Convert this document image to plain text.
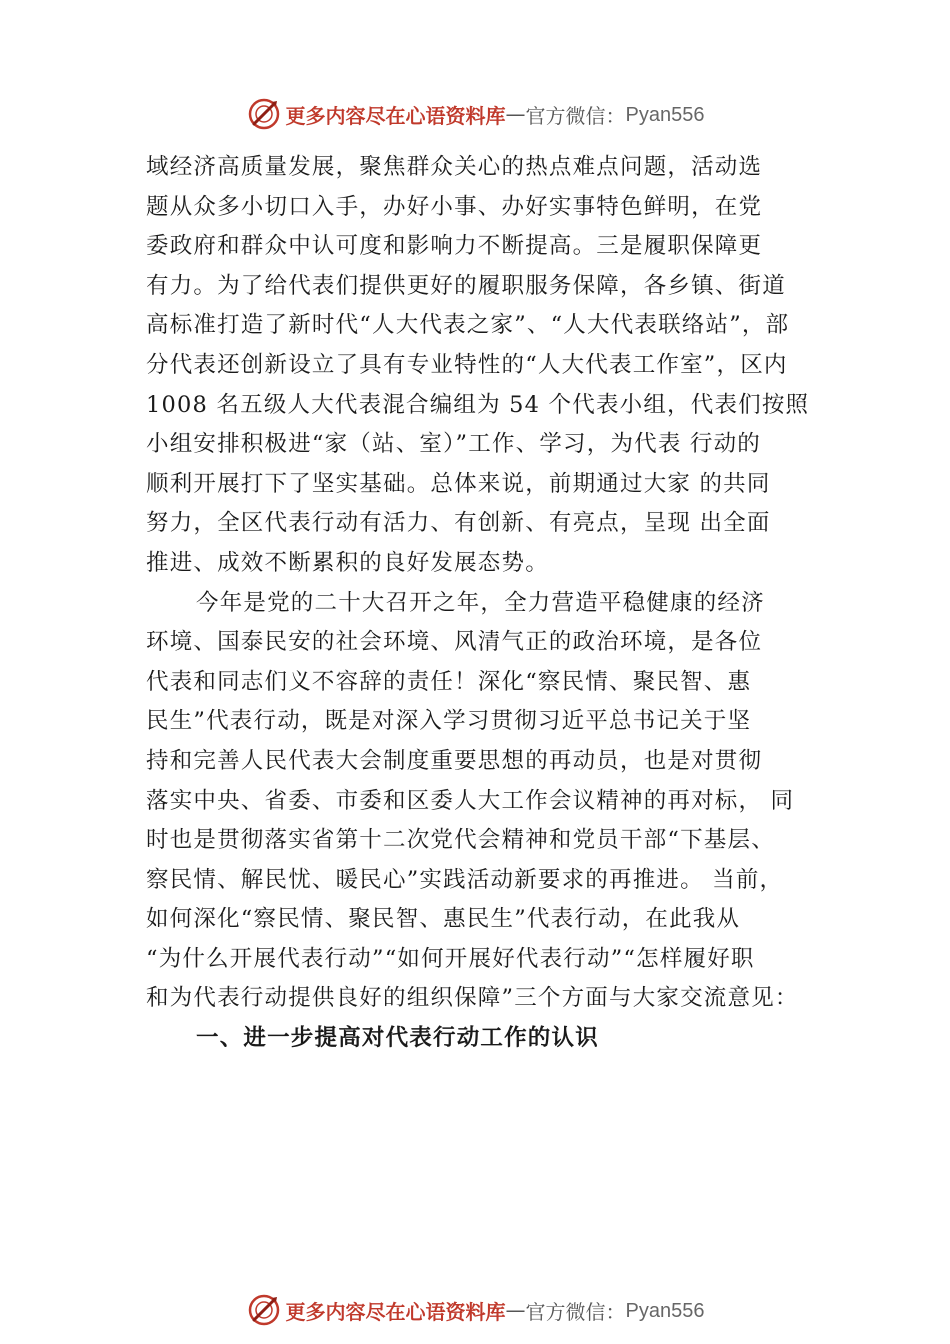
更多内容尽在心语资料库 — 官方微信： Pyan556
域经济高质量发展，聚焦群众关心的热点难点问题，活动选
题从众多小切口入手，办好小事、办好实事特色鲜明，在党
委政府和群众中认可度和影响力不断提高。三是履职保障更
有力。为了给代表们提供更好的履职服务保障，各乡镇、街道
高标准打造了新时代“人大代表之家”、“人大代表联络站”，部
分代表还创新设立了具有专业特性的“人大代表工作室”，区内
1008 名五级人大代表混合编组为 54 个代表小组，代表们按照
小组安排积极进“家（站、室）”工作、学习，为代表 行动的
顺利开展打下了坚实基础。总体来说，前期通过大家 的共同
努力，全区代表行动有活力、有创新、有亮点，呈现 出全面
推进、成效不断累积的良好发展态势。
今年是党的二十大召开之年，全力营造平稳健康的经济
环境、国泰民安的社会环境、风清气正的政治环境，是各位
代表和同志们义不容辞的责任！深化“察民情、聚民智、惠
民生”代表行动，既是对深入学习贯彻习近平总书记关于坚
持和完善人民代表大会制度重要思想的再动员，也是对贯彻
落实中央、省委、市委和区委人大工作会议精神的再对标， 同
时也是贯彻落实省第十二次党代会精神和党员干部“下基层、
察民情、解民忧、暖民心”实践活动新要求的再推进。 当前，
如何深化“察民情、聚民智、惠民生”代表行动，在此我从
“为什么开展代表行动”“如何开展好代表行动”“怎样履好职
和为代表行动提供良好的组织保障”三个方面与大家交流意见：
一、进一步提高对代表行动工作的认识
更多内容尽在心语资料库 — 官方微信： Pyan556
